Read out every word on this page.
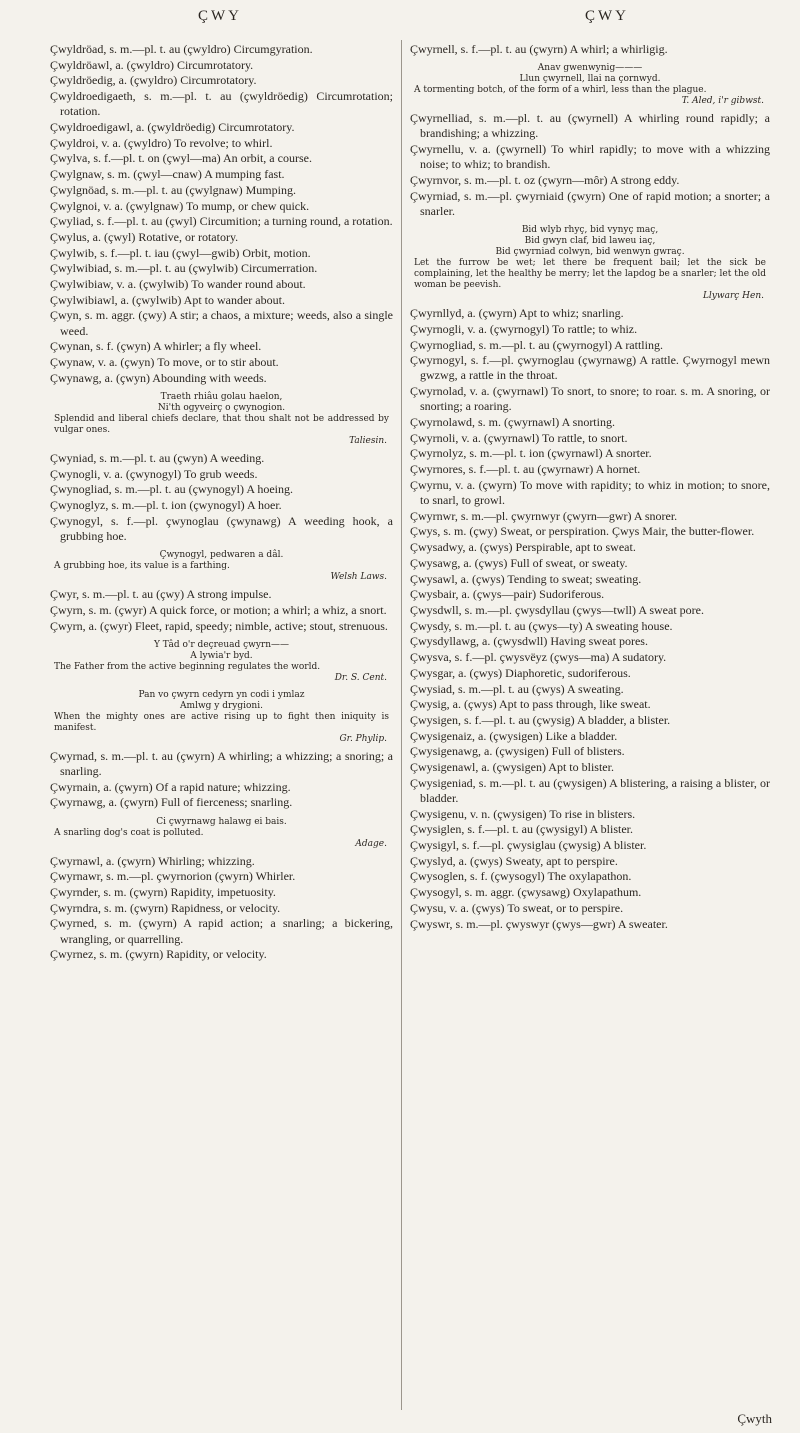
ÇWY	ÇWY
Çwyldröad, s. m.—pl. t. au (çwyldro) Circumgyration.
Çwyldröawl, a. (çwyldro) Circumrotatory.
Çwyldröedig, a. (çwyldro) Circumrotatory.
Çwyldroedigaeth, s. m.—pl. t. au (çwyldröedig) Circumrotation; rotation.
Çwyldroedigawl, a. (çwyldröedig) Circumrotatory.
Çwyldroi, v. a. (çwyldro) To revolve; to whirl.
Çwylva, s. f.—pl. t. on (çwyl—ma) An orbit, a course.
Çwylgnaw, s. m. (çwyl—cnaw) A mumping fast.
Çwylgnöad, s. m.—pl. t. au (çwylgnaw) Mumping.
Çwylgnoi, v. a. (çwylgnaw) To mump, or chew quick.
Çwyliad, s. f.—pl. t. au (çwyl) Circumition; a turning round, a rotation.
Çwylus, a. (çwyl) Rotative, or rotatory.
Çwylwib, s. f.—pl. t. iau (çwyl—gwib) Orbit, motion.
Çwylwibiad, s. m.—pl. t. au (çwylwib) Circumerration.
Çwylwibiaw, v. a. (çwylwib) To wander round about.
Çwylwibiawl, a. (çwylwib) Apt to wander about.
Çwyn, s. m. aggr. (çwy) A stir; a chaos, a mixture; weeds, also a single weed.
Çwynan, s. f. (çwyn) A whirler; a fly wheel.
Çwynaw, v. a. (çwyn) To move, or to stir about.
Çwynawg, a. (çwyn) Abounding with weeds.
Traeth rhiâu golau haelon,
Ni'th ogyveirç o çwynogion.
Splendid and liberal chiefs declare, that thou shalt not be addressed by vulgar ones.
Taliesin.
Çwyniad, s. m.—pl. t. au (çwyn) A weeding.
Çwynogli, v. a. (çwynogyl) To grub weeds.
Çwynogliad, s. m.—pl. t. au (çwynogyl) A hoeing.
Çwynoglyz, s. m.—pl. t. ion (çwynogyl) A hoer.
Çwynogyl, s. f.—pl. çwynoglau (çwynawg) A weeding hook, a grubbing hoe.
Çwynogyl, pedwaren a dâl.
A grubbing hoe, its value is a farthing.
Welsh Laws.
Çwyr, s. m.—pl. t. au (çwy) A strong impulse.
Çwyrn, s. m. (çwyr) A quick force, or motion; a whirl; a whiz, a snort.
Çwyrn, a. (çwyr) Fleet, rapid, speedy; nimble, active; stout, strenuous.
Y Tâd o'r deçreuad çwyrn——
A lywia'r byd.
The Father from the active beginning regulates the world.
Dr. S. Cent.
Pan vo çwyrn cedyrn yn codi i ymlaz
Amlwg y drygioni.
When the mighty ones are active rising up to fight then iniquity is manifest.
Gr. Phylip.
Çwyrnad, s. m.—pl. t. au (çwyrn) A whirling; a whizzing; a snoring; a snarling.
Çwyrnain, a. (çwyrn) Of a rapid nature; whizzing.
Çwyrnawg, a. (çwyrn) Full of fierceness; snarling.
Ci çwyrnawg halawg ei bais.
A snarling dog's coat is polluted.
Adage.
Çwyrnawl, a. (çwyrn) Whirling; whizzing.
Çwyrnawr, s. m.—pl. çwyrnorion (çwyrn) Whirler.
Çwyrnder, s. m. (çwyrn) Rapidity, impetuosity.
Çwyrndra, s. m. (çwyrn) Rapidness, or velocity.
Çwyrned, s. m. (çwyrn) A rapid action; a snarling; a bickering, wrangling, or quarrelling.
Çwyrnez, s. m. (çwyrn) Rapidity, or velocity.
Çwyrnell, s. f.—pl. t. au (çwyrn) A whirl; a whirligig.
Anav gwenwynig———
Llun çwyrnell, llai na çornwyd.
A tormenting botch, of the form of a whirl, less than the plague.
T. Aled, i'r gibwst.
Çwyrnelliad, s. m.—pl. t. au (çwyrnell) A whirling round rapidly; a brandishing; a whizzing.
Çwyrnellu, v. a. (çwyrnell) To whirl rapidly; to move with a whizzing noise; to whiz; to brandish.
Çwyrnvor, s. m.—pl. t. oz (çwyrn—môr) A strong eddy.
Çwyrniad, s. m.—pl. çwyrniaid (çwyrn) One of rapid motion; a snorter; a snarler.
Bid wlyb rhyç, bid vynyç maç,
Bid gwyn claf, bid laweu iaç,
Bid çwyrniad colwyn, bid wenwyn gwraç.
Let the furrow be wet; let there be frequent bail; let the sick be complaining, let the healthy be merry; let the lapdog be a snarler; let the old woman be peevish.
Llywarç Hen.
Çwyrnllyd, a. (çwyrn) Apt to whiz; snarling.
Çwyrnogli, v. a. (çwyrnogyl) To rattle; to whiz.
Çwyrnogliad, s. m.—pl. t. au (çwyrnogyl) A rattling.
Çwyrnogyl, s. f.—pl. çwyrnoglau (çwyrnawg) A rattle. Çwyrnogyl mewn gwzwg, a rattle in the throat.
Çwyrnolad, v. a. (çwyrnawl) To snort, to snore; to roar. s. m. A snoring, or snorting; a roaring.
Çwyrnolawd, s. m. (çwyrnawl) A snorting.
Çwyrnoli, v. a. (çwyrnawl) To rattle, to snort.
Çwyrnolyz, s. m.—pl. t. ion (çwyrnawl) A snorter.
Çwyrnores, s. f.—pl. t. au (çwyrnawr) A hornet.
Çwyrnu, v. a. (çwyrn) To move with rapidity; to whiz in motion; to snore, to snarl, to growl.
Çwyrnwr, s. m.—pl. çwyrnwyr (çwyrn—gwr) A snorer.
Çwys, s. m. (çwy) Sweat, or perspiration. Çwys Mair, the butter-flower.
Çwysadwy, a. (çwys) Perspirable, apt to sweat.
Çwysawg, a. (çwys) Full of sweat, or sweaty.
Çwysawl, a. (çwys) Tending to sweat; sweating.
Çwysbair, a. (çwys—pair) Sudoriferous.
Çwysdwll, s. m.—pl. çwysdyllau (çwys—twll) A sweat pore.
Çwysdy, s. m.—pl. t. au (çwys—ty) A sweating house.
Çwysdyllawg, a. (çwysdwll) Having sweat pores.
Çwysva, s. f.—pl. çwysvëyz (çwys—ma) A sudatory.
Çwysgar, a. (çwys) Diaphoretic, sudoriferous.
Çwysiad, s. m.—pl. t. au (çwys) A sweating.
Çwysig, a. (çwys) Apt to pass through, like sweat.
Çwysigen, s. f.—pl. t. au (çwysig) A bladder, a blister.
Çwysigenaiz, a. (çwysigen) Like a bladder.
Çwysigenawg, a. (çwysigen) Full of blisters.
Çwysigenawl, a. (çwysigen) Apt to blister.
Çwysigeniad, s. m.—pl. t. au (çwysigen) A blistering, a raising a blister, or bladder.
Çwysigenu, v. n. (çwysigen) To rise in blisters.
Çwysiglen, s. f.—pl. t. au (çwysigyl) A blister.
Çwysigyl, s. f.—pl. çwysiglau (çwysig) A blister.
Çwyslyd, a. (çwys) Sweaty, apt to perspire.
Çwysoglen, s. f. (çwysogyl) The oxylapathon.
Çwysogyl, s. m. aggr. (çwysawg) Oxylapathum.
Çwysu, v. a. (çwys) To sweat, or to perspire.
Çwyswr, s. m.—pl. çwyswyr (çwys—gwr) A sweater.
Çwyth
